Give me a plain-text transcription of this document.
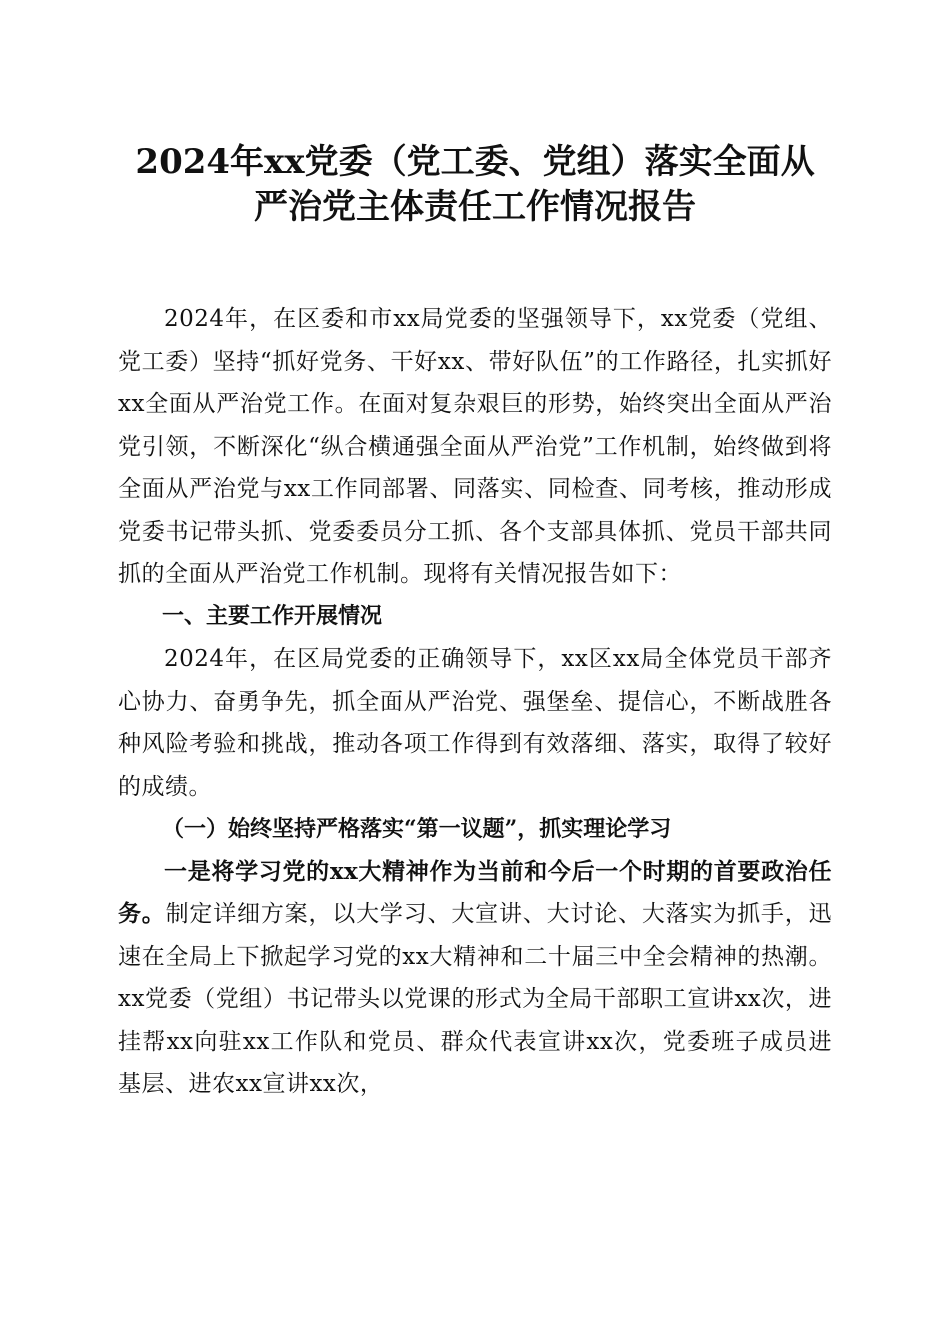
2024年xx党委（党工委、党组）落实全面从
严治党主体责任工作情况报告

2024年，在区委和市xx局党委的坚强领导下，xx党委（党组、党工委）坚持“抓好党务、干好xx、带好队伍”的工作路径，扎实抓好xx全面从严治党工作。在面对复杂艰巨的形势，始终突出全面从严治党引领，不断深化“纵合横通强全面从严治党”工作机制，始终做到将全面从严治党与xx工作同部署、同落实、同检查、同考核，推动形成党委书记带头抓、党委委员分工抓、各个支部具体抓、党员干部共同抓的全面从严治党工作机制。现将有关情况报告如下：

一、主要工作开展情况

2024年，在区局党委的正确领导下，xx区xx局全体党员干部齐心协力、奋勇争先，抓全面从严治党、强堡垒、提信心，不断战胜各种风险考验和挑战，推动各项工作得到有效落细、落实，取得了较好的成绩。

（一）始终坚持严格落实“第一议题”，抓实理论学习

一是将学习党的xx大精神作为当前和今后一个时期的首要政治任务。制定详细方案，以大学习、大宣讲、大讨论、大落实为抓手，迅速在全局上下掀起学习党的xx大精神和二十届三中全会精神的热潮。xx党委（党组）书记带头以党课的形式为全局干部职工宣讲xx次，进挂帮xx向驻xx工作队和党员、群众代表宣讲xx次，党委班子成员进基层、进农xx宣讲xx次，
